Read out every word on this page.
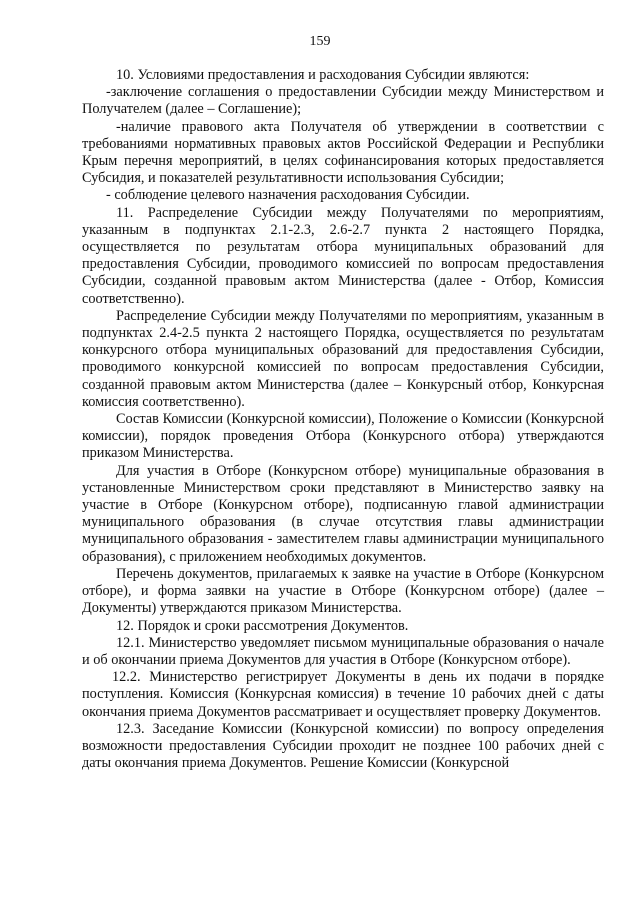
159

10. Условиями предоставления и расходования Субсидии являются:

-заключение соглашения о предоставлении Субсидии между Министерством и Получателем (далее – Соглашение);

-наличие правового акта Получателя об утверждении в соответствии с требованиями нормативных правовых актов Российской Федерации и Республики Крым перечня мероприятий, в целях софинансирования которых предоставляется Субсидия, и показателей результативности использования Субсидии;

- соблюдение целевого назначения расходования Субсидии.

11. Распределение Субсидии между Получателями по мероприятиям, указанным в подпунктах 2.1-2.3, 2.6-2.7 пункта 2 настоящего Порядка, осуществляется по результатам отбора муниципальных образований для предоставления Субсидии, проводимого комиссией по вопросам предоставления Субсидии, созданной правовым актом Министерства (далее - Отбор, Комиссия соответственно).

Распределение Субсидии между Получателями по мероприятиям, указанным в подпунктах 2.4-2.5 пункта 2 настоящего Порядка, осуществляется по результатам конкурсного отбора муниципальных образований для предоставления Субсидии, проводимого конкурсной комиссией по вопросам предоставления Субсидии, созданной правовым актом Министерства (далее – Конкурсный отбор, Конкурсная комиссия соответственно).

Состав Комиссии (Конкурсной комиссии), Положение о Комиссии (Конкурсной комиссии), порядок проведения Отбора (Конкурсного отбора) утверждаются приказом Министерства.

Для участия в Отборе (Конкурсном отборе) муниципальные образования в установленные Министерством сроки представляют в Министерство заявку на участие в Отборе (Конкурсном отборе), подписанную главой администрации муниципального образования (в случае отсутствия главы администрации муниципального образования - заместителем главы администрации муниципального образования), с приложением необходимых документов.

Перечень документов, прилагаемых к заявке на участие в Отборе (Конкурсном отборе), и форма заявки на участие в Отборе (Конкурсном отборе) (далее – Документы) утверждаются приказом Министерства.

12. Порядок и сроки рассмотрения Документов.

12.1. Министерство уведомляет письмом муниципальные образования о начале и об окончании приема Документов для участия в Отборе (Конкурсном отборе).

12.2. Министерство регистрирует Документы в день их подачи в порядке поступления. Комиссия (Конкурсная комиссия) в течение 10 рабочих дней с даты окончания приема Документов рассматривает и осуществляет проверку Документов.

12.3. Заседание Комиссии (Конкурсной комиссии) по вопросу определения возможности предоставления Субсидии проходит не позднее 100 рабочих дней с даты окончания приема Документов. Решение Комиссии (Конкурсной
